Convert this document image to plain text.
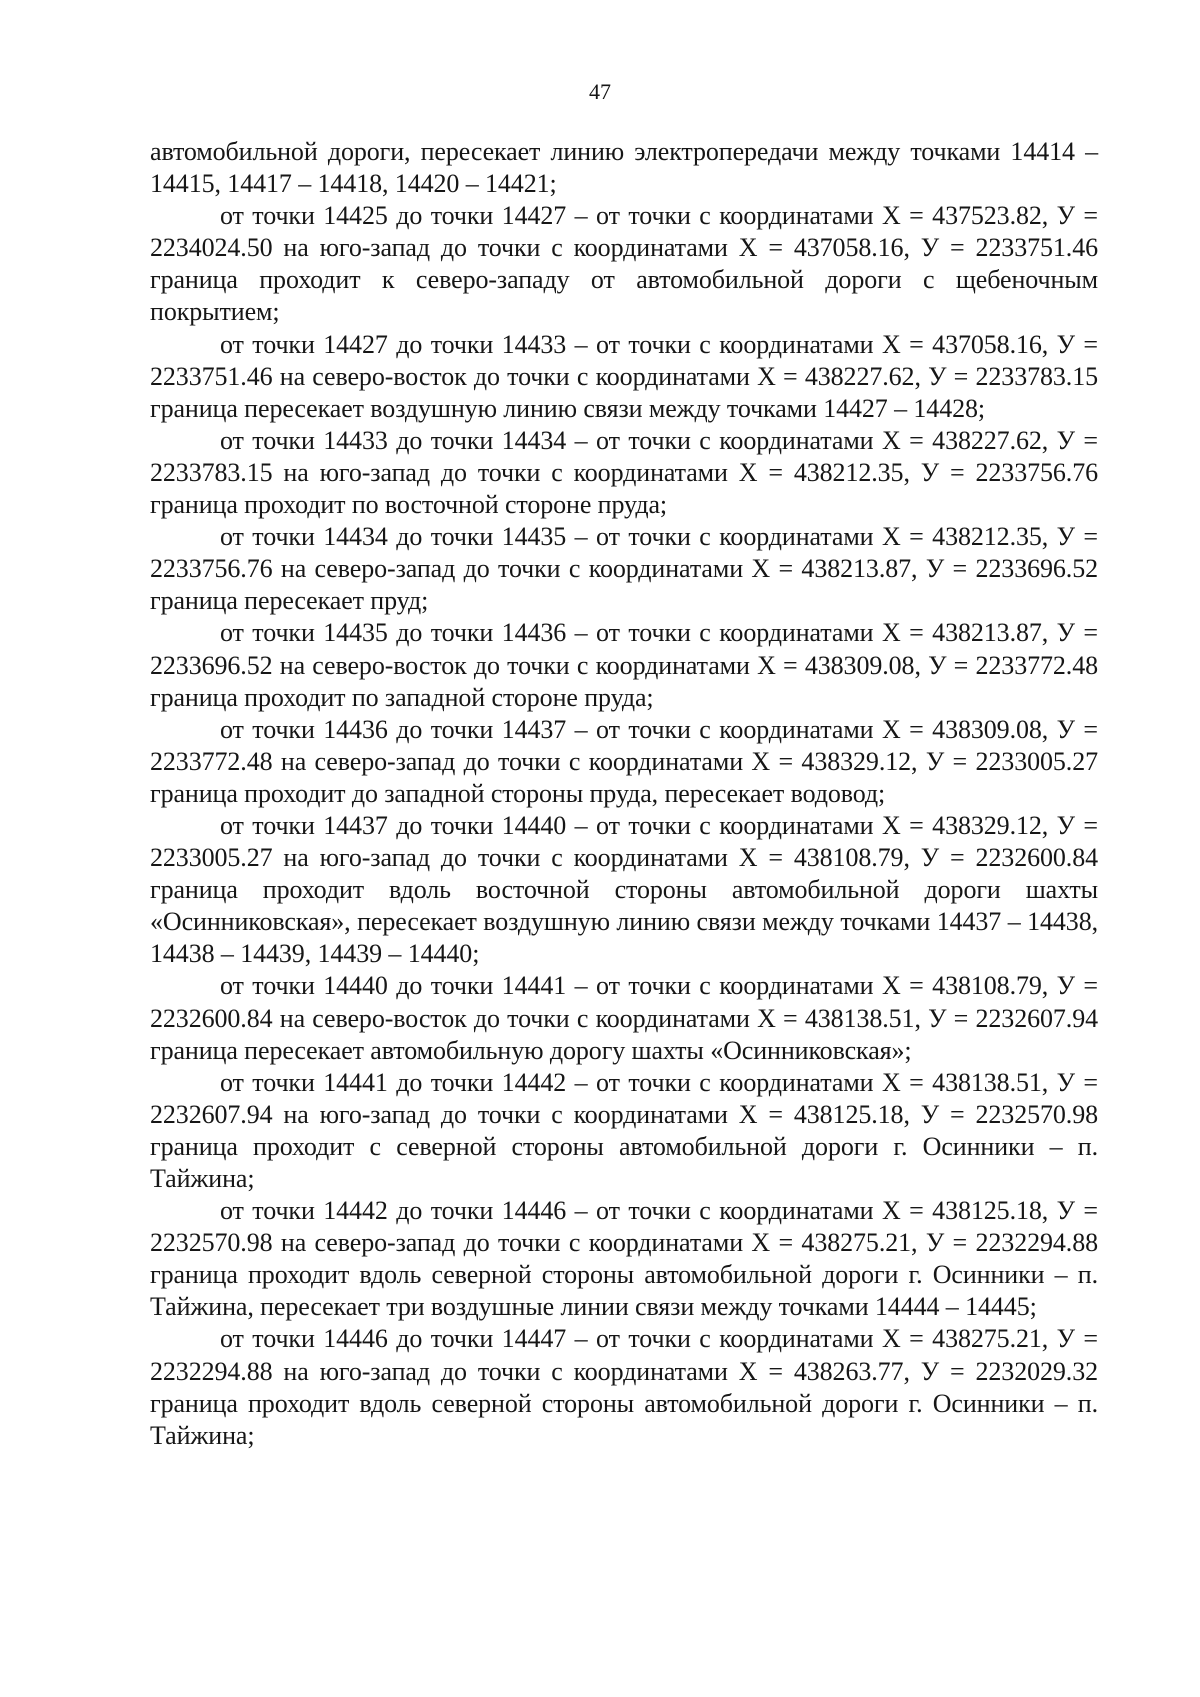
47

автомобильной дороги, пересекает линию электропередачи между точками 14414 – 14415, 14417 – 14418, 14420 – 14421;

от точки 14425 до точки 14427 – от точки с координатами Х = 437523.82, У = 2234024.50 на юго-запад до точки с координатами Х = 437058.16, У = 2233751.46 граница проходит к северо-западу от автомобильной дороги с щебеночным покрытием;

от точки 14427 до точки 14433 – от точки с координатами Х = 437058.16, У = 2233751.46 на северо-восток до точки с координатами Х = 438227.62, У = 2233783.15 граница пересекает воздушную линию связи между точками 14427 – 14428;

от точки 14433 до точки 14434 – от точки с координатами Х = 438227.62, У = 2233783.15 на юго-запад до точки с координатами Х = 438212.35, У = 2233756.76 граница проходит по восточной стороне пруда;

от точки 14434 до точки 14435 – от точки с координатами Х = 438212.35, У = 2233756.76 на северо-запад до точки с координатами Х = 438213.87, У = 2233696.52 граница пересекает пруд;

от точки 14435 до точки 14436 – от точки с координатами Х = 438213.87, У = 2233696.52 на северо-восток до точки с координатами Х = 438309.08, У = 2233772.48 граница проходит по западной стороне пруда;

от точки 14436 до точки 14437 – от точки с координатами Х = 438309.08, У = 2233772.48 на северо-запад до точки с координатами Х = 438329.12, У = 2233005.27 граница проходит до западной стороны пруда, пересекает водовод;

от точки 14437 до точки 14440 – от точки с координатами Х = 438329.12, У = 2233005.27 на юго-запад до точки с координатами Х = 438108.79, У = 2232600.84 граница проходит вдоль восточной стороны автомобильной дороги шахты «Осинниковская», пересекает воздушную линию связи между точками 14437 – 14438, 14438 – 14439, 14439 – 14440;

от точки 14440 до точки 14441 – от точки с координатами Х = 438108.79, У = 2232600.84 на северо-восток до точки с координатами Х = 438138.51, У = 2232607.94 граница пересекает автомобильную дорогу шахты «Осинниковская»;

от точки 14441 до точки 14442 – от точки с координатами Х = 438138.51, У = 2232607.94 на юго-запад до точки с координатами Х = 438125.18, У = 2232570.98 граница проходит с северной стороны автомобильной дороги г. Осинники – п. Тайжина;

от точки 14442 до точки 14446 – от точки с координатами Х = 438125.18, У = 2232570.98 на северо-запад до точки с координатами Х = 438275.21, У = 2232294.88 граница проходит вдоль северной стороны автомобильной дороги г. Осинники – п. Тайжина, пересекает три воздушные линии связи между точками 14444 – 14445;

от точки 14446 до точки 14447 – от точки с координатами Х = 438275.21, У = 2232294.88 на юго-запад до точки с координатами Х = 438263.77, У = 2232029.32 граница проходит вдоль северной стороны автомобильной дороги г. Осинники – п. Тайжина;
